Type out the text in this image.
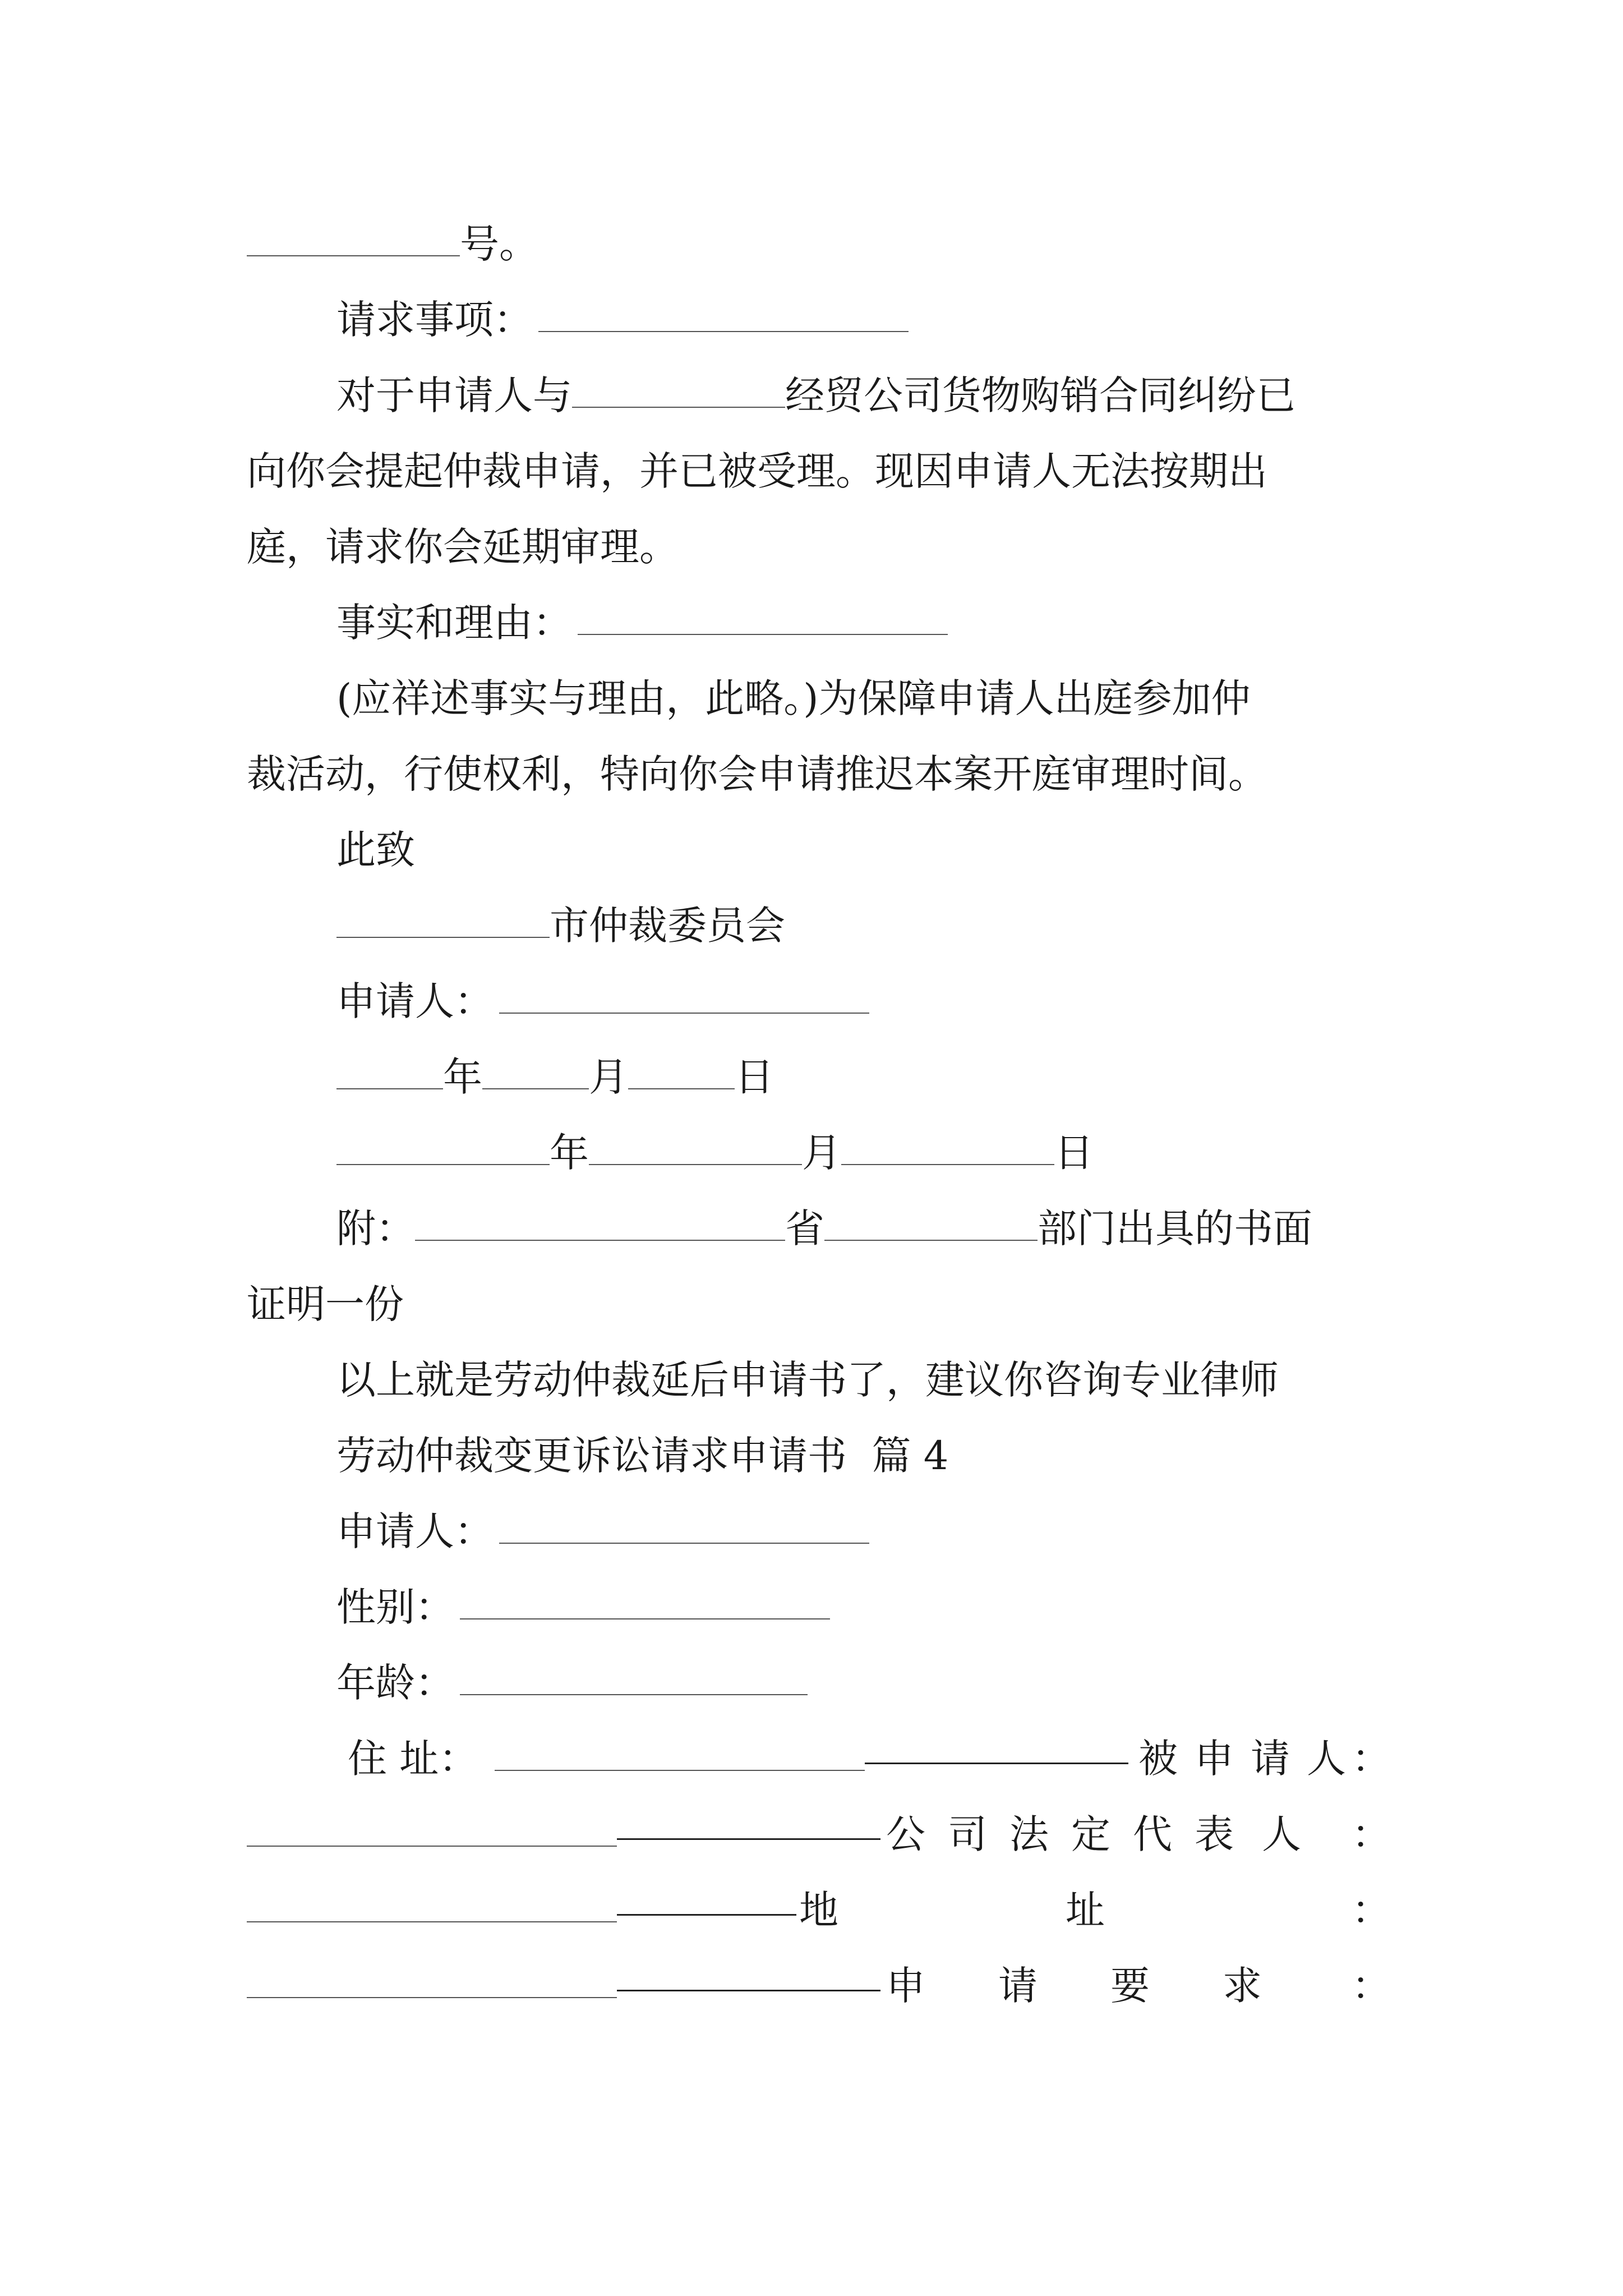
号。
请求事项：
对于申请人与	经贸公司货物购销合同纠纷已
向你会提起仲裁申请，并已被受理。现因申请人无法按期出
庭，请求你会延期审理。
事实和理由：
(应祥述事实与理由，此略。)为保障申请人出庭参加仲
裁活动，行使权利，特向你会申请推迟本案开庭审理时间。
此致
市仲裁委员会
申请人：
年	月	日
年	月	日
附：	省	部门出具的书面
证明一份
以上就是劳动仲裁延后申请书了，建议你咨询专业律师
劳动仲裁变更诉讼请求申请书  篇 4
申请人：
性别：
年龄：
住 址：	被 申 请 人 ：
公 司 法 定 代 表 人 ：
地	址	：
申 请 要 求 ：
